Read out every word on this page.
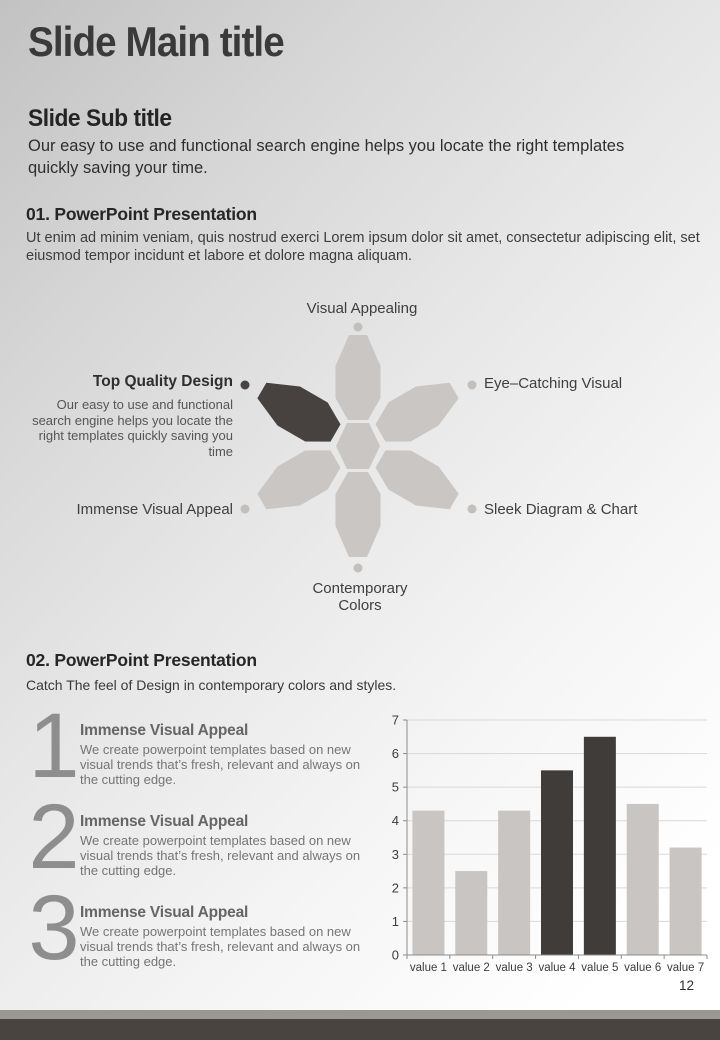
Slide Main title
Slide Sub title
Our easy to use and functional search engine helps you locate the right templates quickly saving your time.
01. PowerPoint Presentation
Ut enim ad minim veniam, quis nostrud exerci Lorem ipsum dolor sit amet, consectetur adipiscing elit, set eiusmod tempor incidunt et labore et dolore magna aliquam.
Visual Appealing
Top Quality Design
Our easy to use and functional search engine helps you locate the right templates quickly saving you time
Immense Visual Appeal
Eye–Catching Visual
Sleek Diagram & Chart
Contemporary Colors
02. PowerPoint Presentation
Catch The feel of Design in contemporary colors and styles.
1 Immense Visual Appeal
We create powerpoint templates based on new visual trends that’s fresh, relevant and always on the cutting edge.
2 Immense Visual Appeal
We create powerpoint templates based on new visual trends that’s fresh, relevant and always on the cutting edge.
3 Immense Visual Appeal
We create powerpoint templates based on new visual trends that’s fresh, relevant and always on the cutting edge.	0
1
2
3
4
5
6
7
value 1 value 2 value 3 value 4 value 5 value 6 value 7
12
